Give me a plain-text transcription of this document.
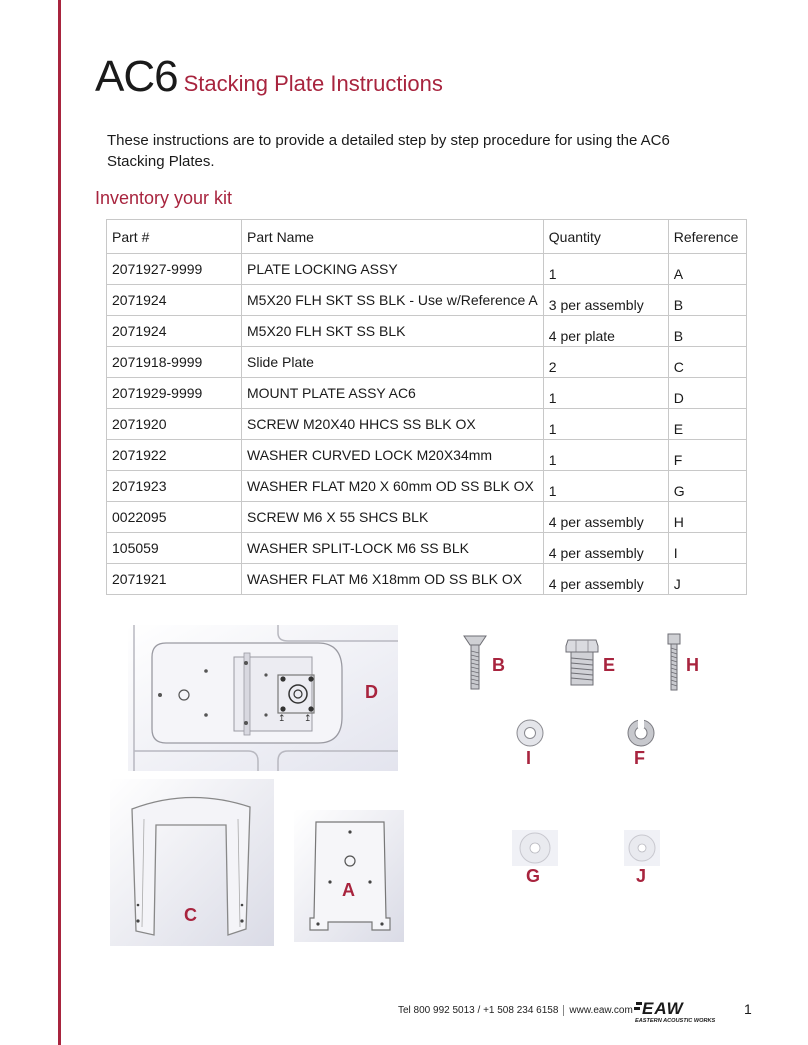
AC6 Stacking Plate Instructions
These instructions are to provide a detailed step by step procedure for using the AC6 Stacking Plates.
Inventory your kit
Part #	Part Name	Quantity	Reference
2071927-9999	PLATE LOCKING ASSY	1	A
2071924	M5X20 FLH SKT SS BLK - Use w/Reference A	3 per assembly	B
2071924	M5X20 FLH SKT SS BLK	4 per plate	B
2071918-9999	Slide Plate	2	C
2071929-9999	MOUNT PLATE ASSY AC6	1	D
2071920	SCREW M20X40 HHCS SS BLK OX	1	E
2071922	WASHER CURVED LOCK M20X34mm	1	F
2071923	WASHER FLAT M20 X 60mm OD SS BLK OX	1	G
0022095	SCREW M6 X 55 SHCS BLK	4 per assembly	H
105059	WASHER SPLIT-LOCK M6 SS BLK	4 per assembly	I
2071921	WASHER FLAT M6 X18mm OD SS BLK OX	4 per assembly	J
↥ ↥
D
B	E	H
I	F
C
A
G	J
Tel 800 992 5013 / +1 508 234 6158 www.eaw.com EAW
EASTERN ACOUSTIC WORKS
1
